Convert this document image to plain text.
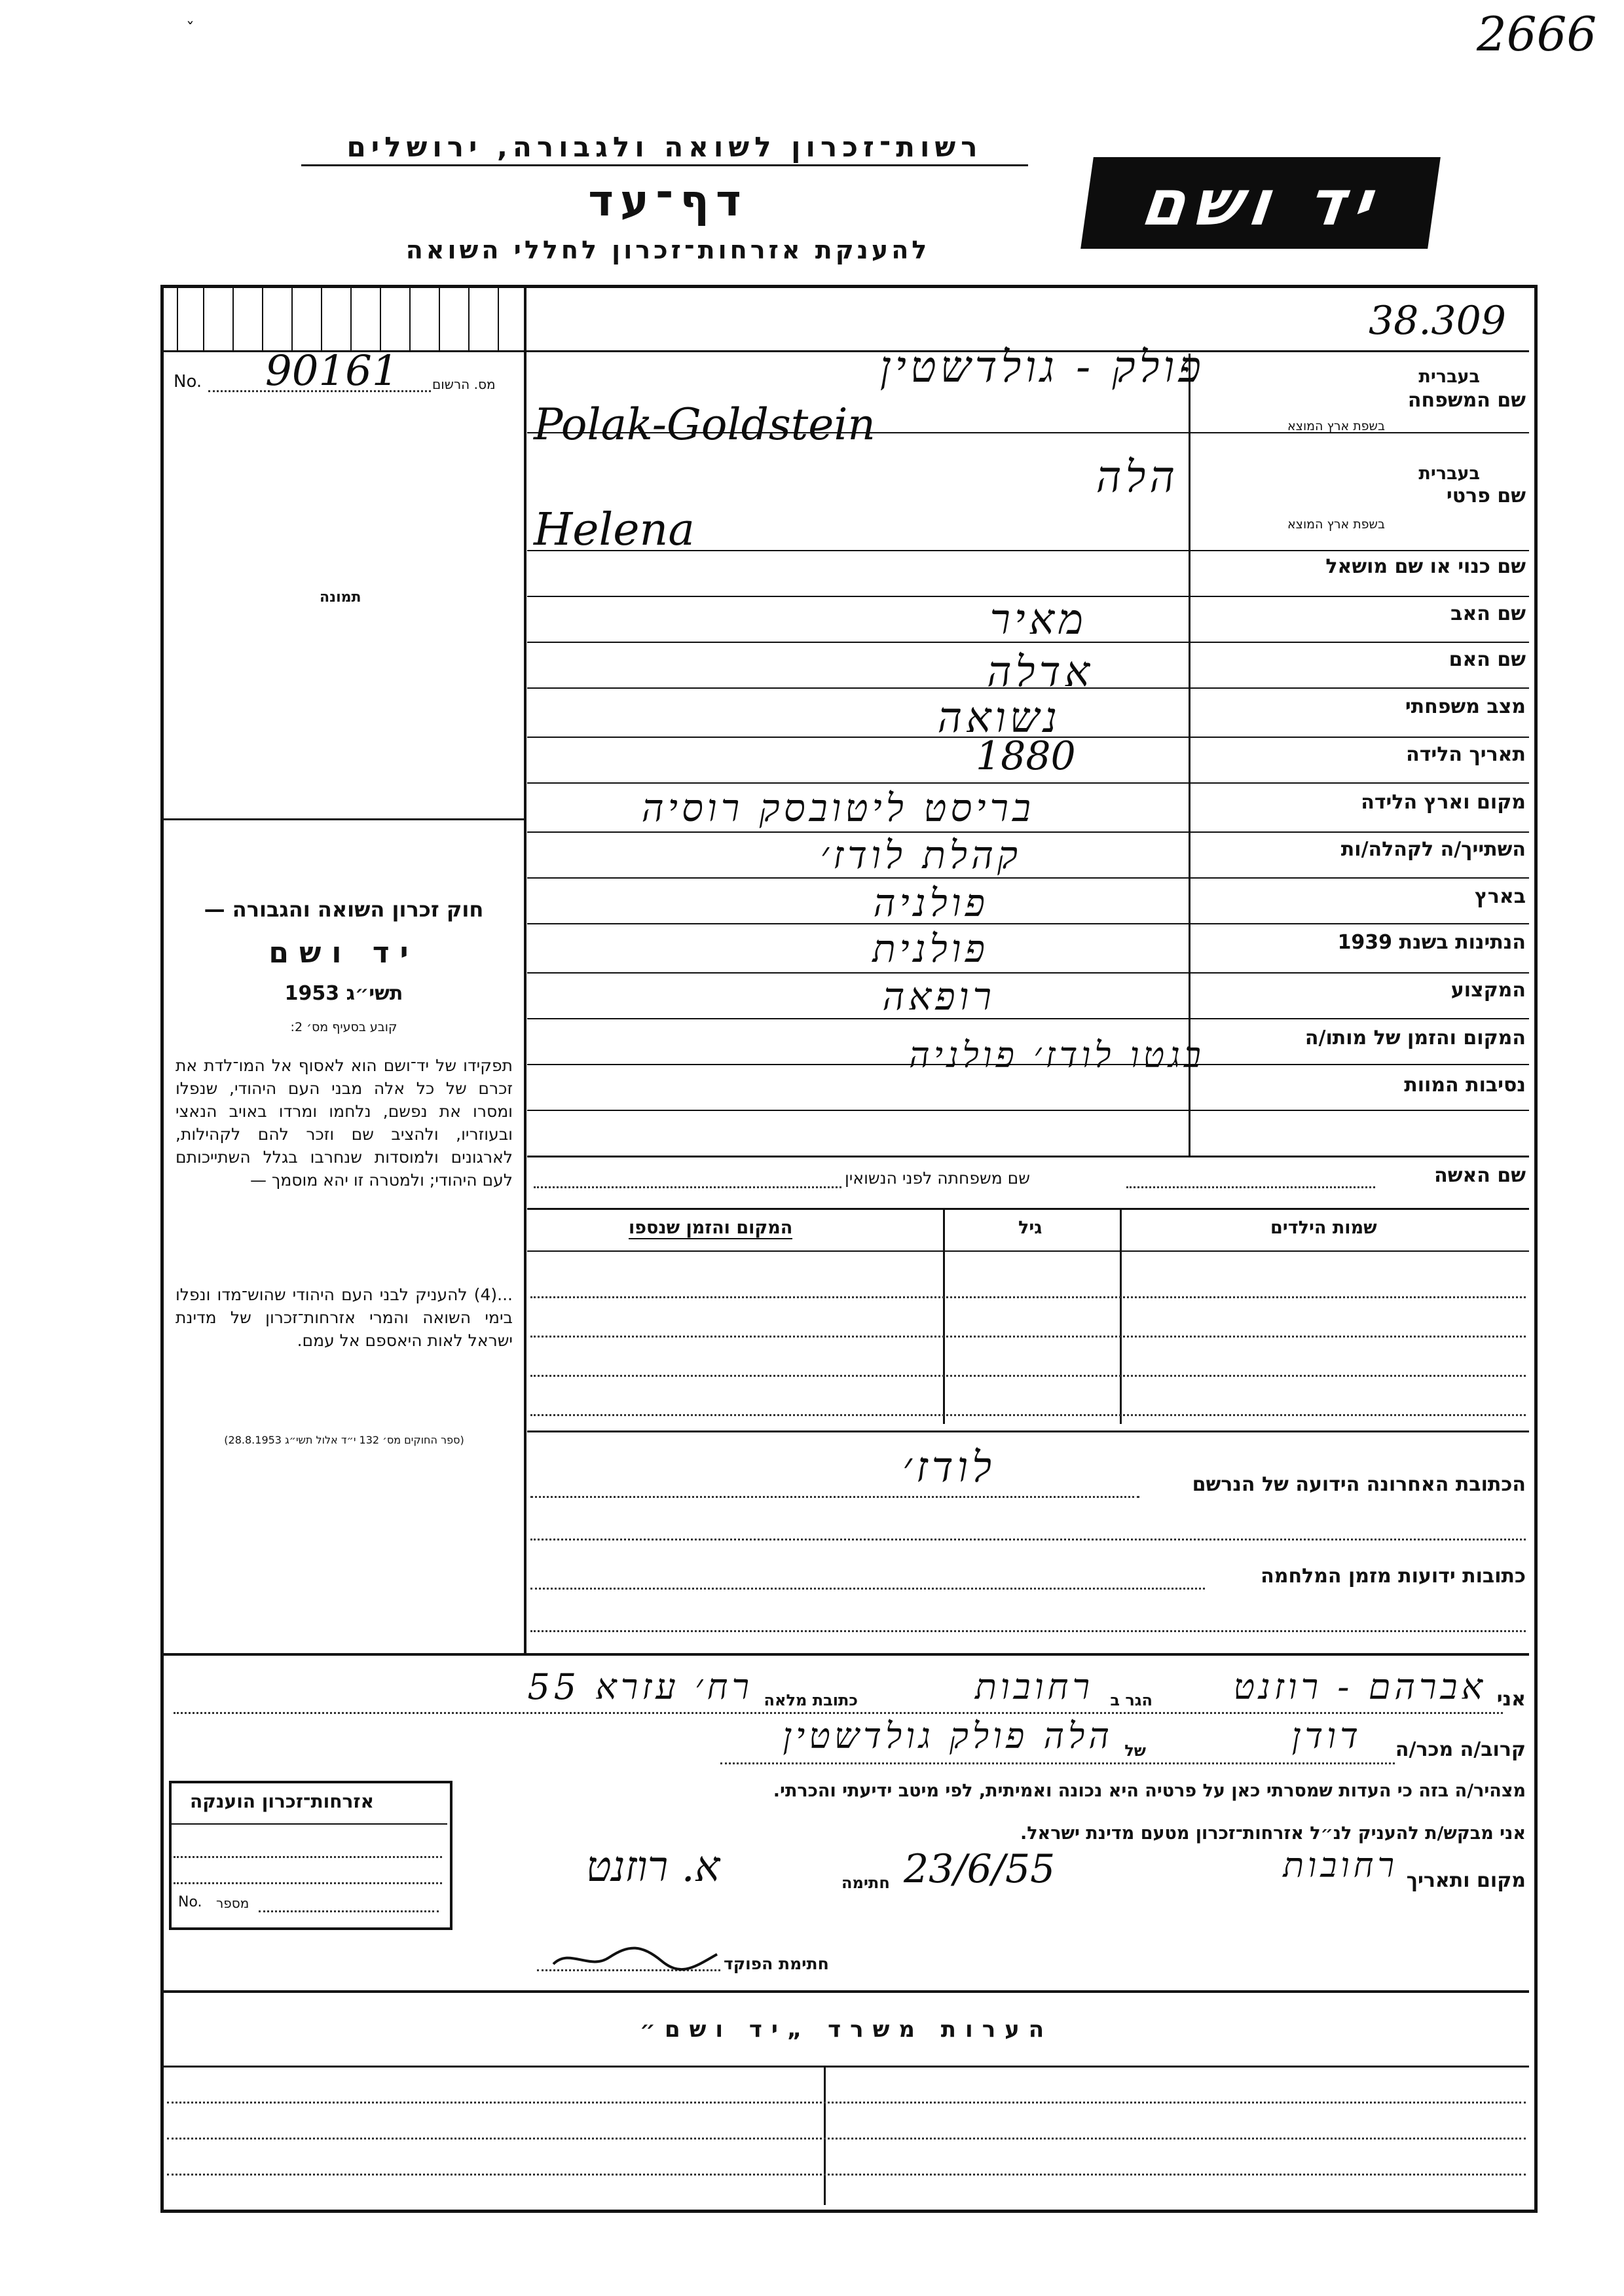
2666
ˇ
רשות־זכרון לשואה ולגבורה, ירושלים
דף־עד
להענקת אזרחות־זכרון לחללי השואה
יד ושם
38.309
No. 90161	מס. הרשום
תמונה
בעברית
שם המשפחה
בשפת ארץ המוצא
בעברית
שם פרטי
בשפת ארץ המוצא
שם כנוי או שם מושאל
שם האב
שם האם
מצב משפחתי
תאריך הלידה
מקום וארץ הלידה
השתייך/ה לקהלה/ות
בארץ
הנתינות בשנת 1939
המקצוע
המקום והזמן של מותו/ה
נסיבות המוות
פולק - גולדשטין
Polak-Goldstein
הלה
Helena
מאיר
אדלה
נשואה
1880
בריסט ליטובסק רוסיה
קהלת לודז׳
פולניה
פולנית
רופאה
בגטו לודז׳ פולניה
חוק זכרון השואה והגבורה —
יד ושם
תשי״ג 1953
קובע בסעיף מס׳ 2:
תפקידו של יד־ושם הוא לאסוף אל המו־לדת את זכרם של כל אלה מבני העם היהודי, שנפלו ומסרו את נפשם, נלחמו ומרדו באויב הנאצי ובעוזריו, ולהציב שם וזכר להם לקהילות, לארגונים ולמוסדות שנחרבו בגלל השתייכותם לעם היהודי; ולמטרה זו יהא מוסמך —
...(4) להעניק לבני העם היהודי שהוש־מדו ונפלו בימי השואה והמרי אזרחות־זכרון של מדינת ישראל לאות היאספם אל עמם.
(ספר החוקים מס׳ 132 י״ד אלול תשי״ג 28.8.1953)
שם האשה
שם משפחתה לפני הנשואין
שמות הילדים
גיל
המקום והזמן שנספו
לודז׳	הכתובת האחרונה הידועה של הנרשם
כתובות ידועות מזמן המלחמה
אני
אברהם - רוזנט
הגר ב
רחובות
כתובת מלאה
רח׳ עזרא 55
קרוב/ה מכר/ה
דודן
של
הלה פולק גולדשטין
מצהיר/ה בזה כי העדות שמסרתי כאן על פרטיה היא נכונה ואמיתית, לפי מיטב ידיעתי והכרתי.
אני מבקש/ת להעניק לנ״ל אזרחות־זכרון מטעם מדינת ישראל.
מקום ותאריך
רחובות
23/6/55
חתימה
א. רוזנט
חתימת הפוקד
אזרחות־זכרון הוענקה
No. מספר
הערות משרד „יד ושם״
